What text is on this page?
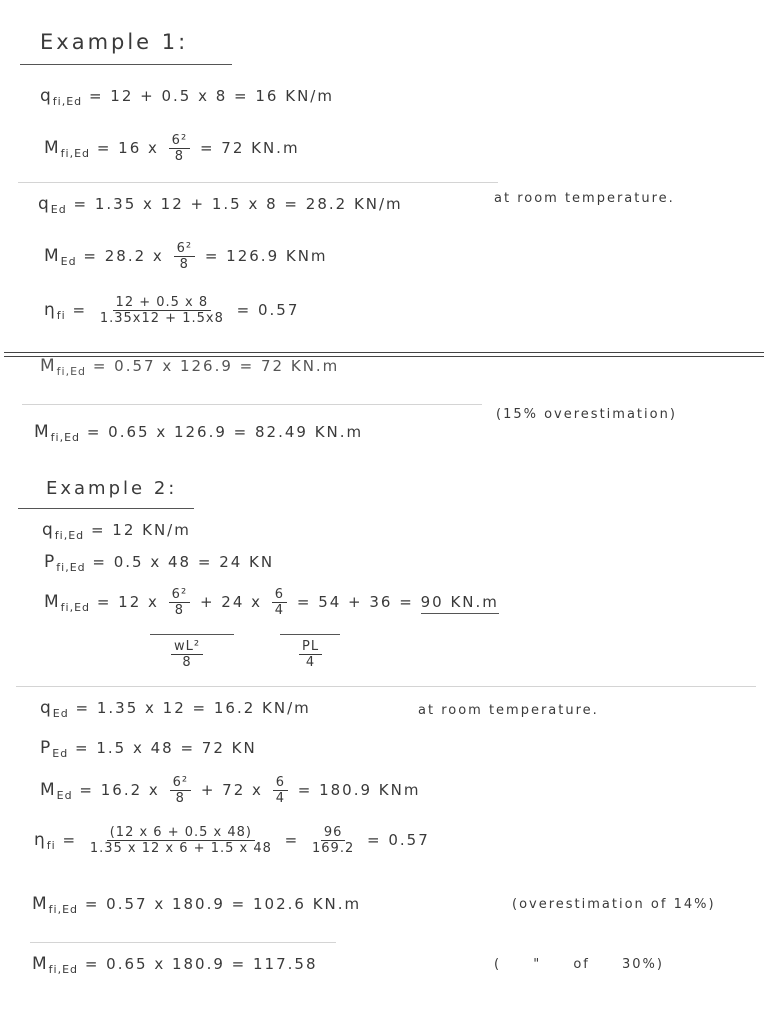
Example 1:
$q_{fi,Ed} = 12 + 0.5$ x 8 = 16 KN/m
$M_{fi,Ed} = 16$ x $\frac{\text{6²}}{8} = 72$ KN.m
$q_{Ed} = 1.35$ x 12 + 1.5 x 8 = 28.2 KN/m	at room temperature.
$M_{Ed} = 28.2$ x $\frac{\text{6²}}{8} = 126.9$ KNm
$\eta_{fi} = \frac{12 + 0.5 x 8}{1.35x12 + 1.5x8} = 0.57$
$M_{fi,Ed} = 0.57$ x 126.9 = 72 KN.m
$M_{fi,Ed} = 0.65$ x 126.9 = 82.49 KN.m
(15% overestimation)
Example 2:
$q_{fi,Ed} = 12$ KN/m
$P_{fi,Ed} = 0.5$ x 48 = 24 KN
$M_{fi,Ed} = 12$ x $\frac{\text{6²}}{8} + 24$ x $\frac{6}{4} = 54 + 36 = 90$ KN.m
$\frac{\text{wL²}}{8}$	$\frac{PL}{4}$
$q_{Ed} = 1.35$ x 12 = 16.2 KN/m	at room temperature.
$P_{Ed} = 1.5$ x 48 = 72 KN
$M_{Ed} = 16.2$ x $\frac{\text{6²}}{8} + 72$ x $\frac{6}{4} = 180.9$ KNm
$\eta_{fi} = \frac{(12 x 6 + 0.5 x 48)}{1.35 x 12 x 6 + 1.5 x 48} = \frac{96}{169.2} = 0.57$
$M_{fi,Ed} = 0.57$ x 180.9 = 102.6 KN.m	(overestimation of 14%)
$M_{fi,Ed} = 0.65$ x 180.9 = 117.58	( " of 30%)
